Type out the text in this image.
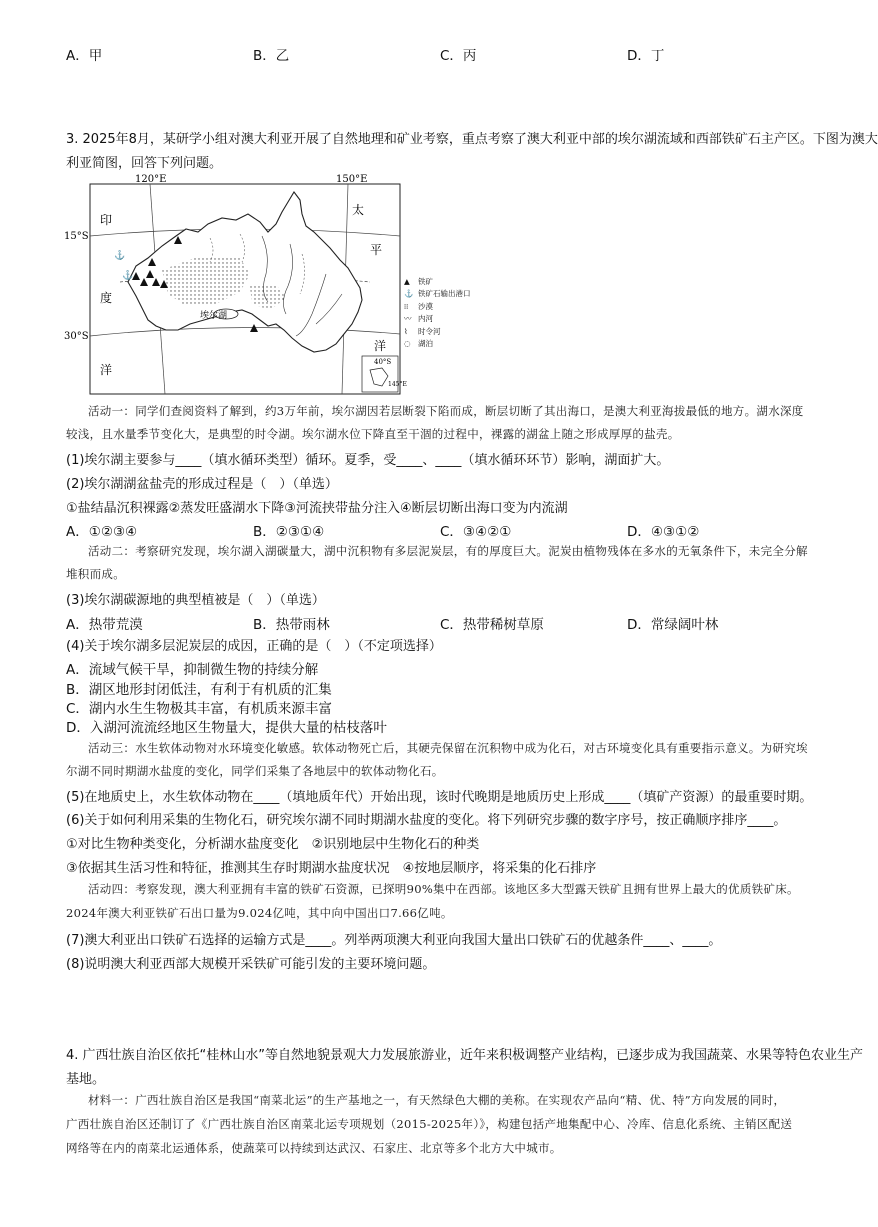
A．甲	B．乙	C．丙	D．丁
3. 2025年8月，某研学小组对澳大利亚开展了自然地理和矿业考察，重点考察了澳大利亚中部的埃尔湖流域和西部铁矿石主产区。下图为澳大
利亚简图，回答下列问题。
埃尔湖
⚓
⚓
120°E	150°E
15°S
30°S
印
度
洋
太
平
洋
40°S
145°E
▲ 铁矿
⚓ 铁矿石输出港口
⁞⁞ 沙漠
〰 内河
⌇ 时令河
◌ 湖泊
活动一：同学们查阅资料了解到，约3万年前，埃尔湖因若层断裂下陷而成，断层切断了其出海口，是澳大利亚海拔最低的地方。湖水深度
较浅，且水量季节变化大，是典型的时令湖。埃尔湖水位下降直至干涸的过程中，裸露的湖盆上随之形成厚厚的盐壳。
(1)埃尔湖主要参与____（填水循环类型）循环。夏季，受____、____（填水循环环节）影响，湖面扩大。
(2)埃尔湖湖盆盐壳的形成过程是（　）（单选）
①盐结晶沉积裸露②蒸发旺盛湖水下降③河流挟带盐分注入④断层切断出海口变为内流湖
A．①②③④	B．②③①④	C．③④②①	D．④③①②
活动二：考察研究发现，埃尔湖入湖碳量大，湖中沉积物有多层泥炭层，有的厚度巨大。泥炭由植物残体在多水的无氧条件下，未完全分解
堆积而成。
(3)埃尔湖碳源地的典型植被是（　）（单选）
A．热带荒漠	B．热带雨林	C．热带稀树草原	D．常绿阔叶林
(4)关于埃尔湖多层泥炭层的成因，正确的是（　）（不定项选择）
A．流域气候干旱，抑制微生物的持续分解
B．湖区地形封闭低洼，有利于有机质的汇集
C．湖内水生生物极其丰富，有机质来源丰富
D．入湖河流流经地区生物量大，提供大量的枯枝落叶
活动三：水生软体动物对水环境变化敏感。软体动物死亡后，其硬壳保留在沉积物中成为化石，对古环境变化具有重要指示意义。为研究埃
尔湖不同时期湖水盐度的变化，同学们采集了各地层中的软体动物化石。
(5)在地质史上，水生软体动物在____（填地质年代）开始出现，该时代晚期是地质历史上形成____（填矿产资源）的最重要时期。
(6)关于如何利用采集的生物化石，研究埃尔湖不同时期湖水盐度的变化。将下列研究步骤的数字序号，按正确顺序排序____。
①对比生物种类变化，分析湖水盐度变化　②识别地层中生物化石的种类
③依据其生活习性和特征，推测其生存时期湖水盐度状况　④按地层顺序，将采集的化石排序
活动四：考察发现，澳大利亚拥有丰富的铁矿石资源，已探明90%集中在西部。该地区多大型露天铁矿且拥有世界上最大的优质铁矿床。
2024年澳大利亚铁矿石出口量为9.024亿吨，其中向中国出口7.66亿吨。
(7)澳大利亚出口铁矿石选择的运输方式是____。列举两项澳大利亚向我国大量出口铁矿石的优越条件____、____。
(8)说明澳大利亚西部大规模开采铁矿可能引发的主要环境问题。
4. 广西壮族自治区依托“桂林山水”等自然地貌景观大力发展旅游业，近年来积极调整产业结构，已逐步成为我国蔬菜、水果等特色农业生产
基地。
材料一：广西壮族自治区是我国“南菜北运”的生产基地之一，有天然绿色大棚的美称。在实现农产品向“精、优、特”方向发展的同时，
广西壮族自治区还制订了《广西壮族自治区南菜北运专项规划（2015-2025年）》，构建包括产地集配中心、冷库、信息化系统、主销区配送
网络等在内的南菜北运通体系，使蔬菜可以持续到达武汉、石家庄、北京等多个北方大中城市。
